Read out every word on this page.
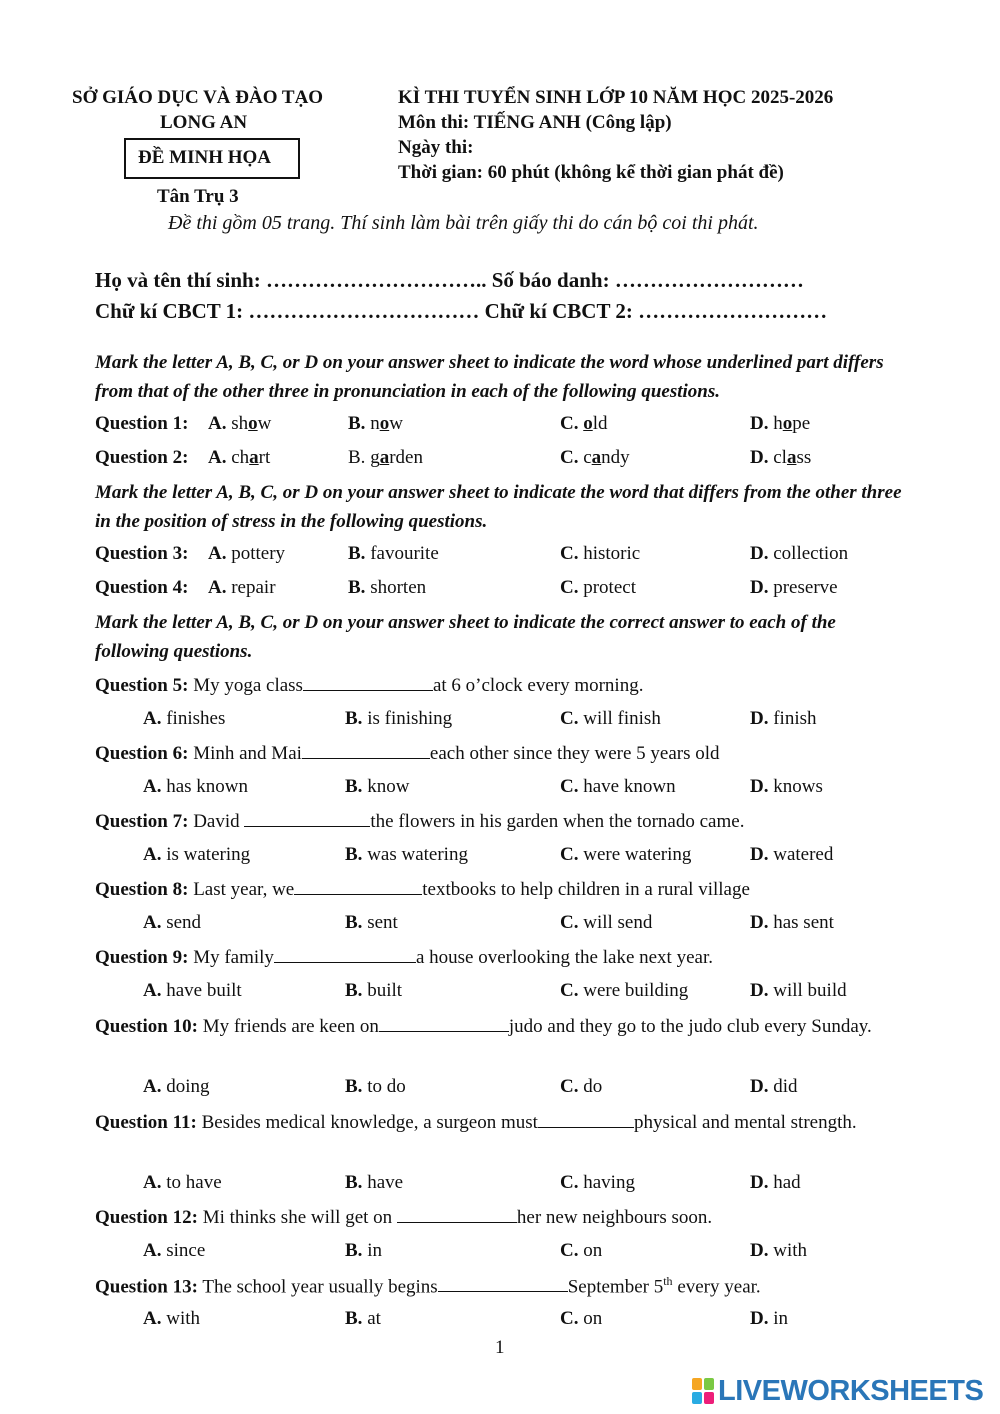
SỞ GIÁO DỤC VÀ ĐÀO TẠO
LONG AN
ĐỀ MINH HỌA
Tân Trụ 3
KÌ THI TUYỂN SINH LỚP 10 NĂM HỌC 2025-2026
Môn thi: TIẾNG ANH (Công lập)
Ngày thi:
Thời gian: 60 phút (không kể thời gian phát đề)
Đề thi gồm 05 trang. Thí sinh làm bài trên giấy thi do cán bộ coi thi phát.
Họ và tên thí sinh: ………………………….. Số báo danh: ………………………
Chữ kí CBCT 1: …………………………… Chữ kí CBCT 2: ………………………
Mark the letter A, B, C, or D on your answer sheet to indicate the word whose underlined part differs from that of the other three in pronunciation in each of the following questions.
Question 1: A. show	B. now	C. old	D. hope
Question 2: A. chart	B. garden	C. candy	D. class
Mark the letter A, B, C, or D on your answer sheet to indicate the word that differs from the other three in the position of stress in the following questions.
Question 3: A. pottery	B. favourite	C. historic	D. collection
Question 4: A. repair	B. shorten	C. protect	D. preserve
Mark the letter A, B, C, or D on your answer sheet to indicate the correct answer to each of the following questions.
Question 5: My yoga class	at 6 o’clock every morning.
A. finishes	B. is finishing	C. will finish	D. finish
Question 6: Minh and Mai	each other since they were 5 years old
A. has known	B. know	C. have known	D. knows
Question 7: David	the flowers in his garden when the tornado came.
A. is watering	B. was watering	C. were watering	D. watered
Question 8: Last year, we	textbooks to help children in a rural village
A. send	B. sent	C. will send	D. has sent
Question 9: My family	a house overlooking the lake next year.
A. have built	B. built	C. were building	D. will build
Question 10: My friends are keen on	judo and they go to the judo club every Sunday.
A. doing	B. to do	C. do	D. did
Question 11: Besides medical knowledge, a surgeon must	physical and mental strength.
A. to have	B. have	C. having	D. had
Question 12: Mi thinks she will get on	her new neighbours soon.
A. since	B. in	C. on	D. with
Question 13: The school year usually begins	September 5th every year.
A. with	B. at	C. on	D. in
1
LIVEWORKSHEETS
